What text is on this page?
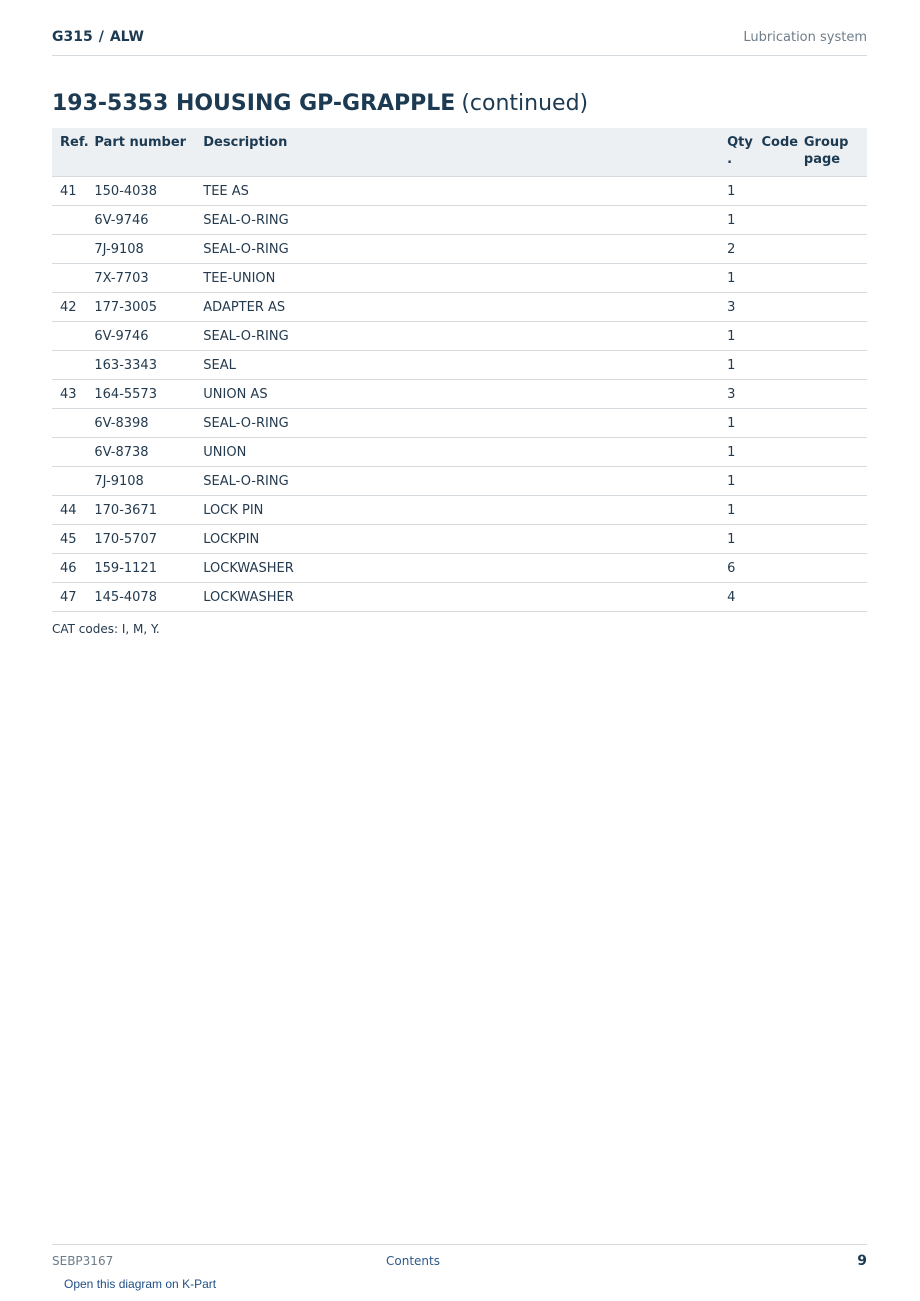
G315 / ALW	Lubrication system
193-5353 HOUSING GP-GRAPPLE (continued)
Ref.	Part number	Description	Qty .	Code	Group page
41	150-4038	TEE AS	1		
	6V-9746	SEAL-O-RING	1		
	7J-9108	SEAL-O-RING	2		
	7X-7703	TEE-UNION	1		
42	177-3005	ADAPTER AS	3		
	6V-9746	SEAL-O-RING	1		
	163-3343	SEAL	1		
43	164-5573	UNION AS	3		
	6V-8398	SEAL-O-RING	1		
	6V-8738	UNION	1		
	7J-9108	SEAL-O-RING	1		
44	170-3671	LOCK PIN	1		
45	170-5707	LOCKPIN	1		
46	159-1121	LOCKWASHER	6		
47	145-4078	LOCKWASHER	4		
CAT codes: I, M, Y.
SEBP3167	Contents	9
Open this diagram on K-Part
